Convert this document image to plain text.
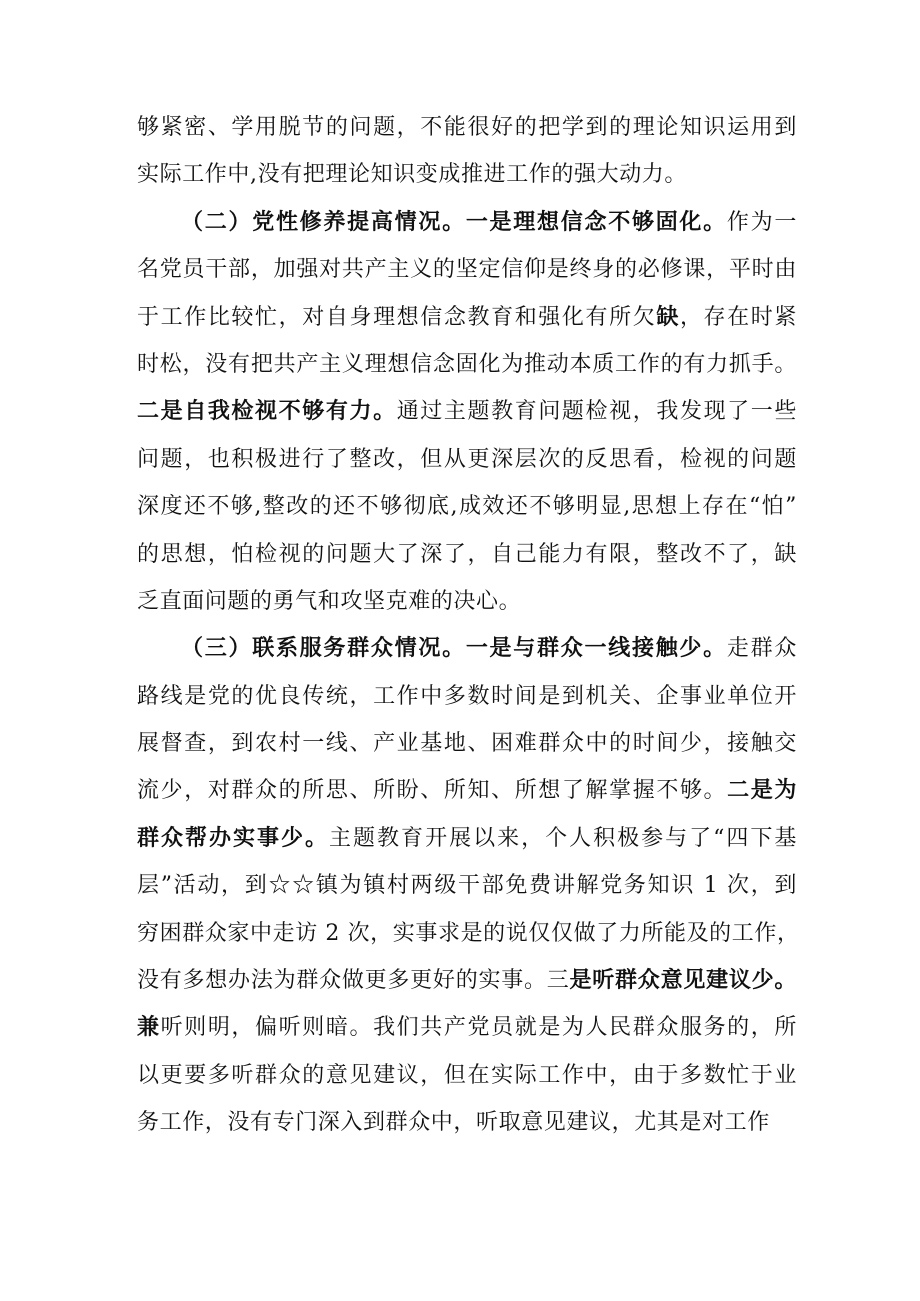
够紧密、学用脱节的问题，不能很好的把学到的理论知识运用到
实际工作中,没有把理论知识变成推进工作的强大动力。
（二）党性修养提高情况。一是理想信念不够固化。作为一
名党员干部，加强对共产主义的坚定信仰是终身的必修课，平时由
于工作比较忙，对自身理想信念教育和强化有所欠缺，存在时紧
时松，没有把共产主义理想信念固化为推动本质工作的有力抓手。
二是自我检视不够有力。通过主题教育问题检视，我发现了一些
问题，也积极进行了整改，但从更深层次的反思看，检视的问题
深度还不够,整改的还不够彻底,成效还不够明显,思想上存在“怕”
的思想，怕检视的问题大了深了，自己能力有限，整改不了，缺
乏直面问题的勇气和攻坚克难的决心。
（三）联系服务群众情况。一是与群众一线接触少。走群众
路线是党的优良传统，工作中多数时间是到机关、企事业单位开
展督查，到农村一线、产业基地、困难群众中的时间少，接触交
流少，对群众的所思、所盼、所知、所想了解掌握不够。二是为
群众帮办实事少。主题教育开展以来，个人积极参与了“四下基
层”活动，到☆☆镇为镇村两级干部免费讲解党务知识 1 次，到
穷困群众家中走访 2 次，实事求是的说仅仅做了力所能及的工作，
没有多想办法为群众做更多更好的实事。三是听群众意见建议少。
兼听则明，偏听则暗。我们共产党员就是为人民群众服务的，所
以更要多听群众的意见建议，但在实际工作中，由于多数忙于业
务工作，没有专门深入到群众中，听取意见建议，尤其是对工作
